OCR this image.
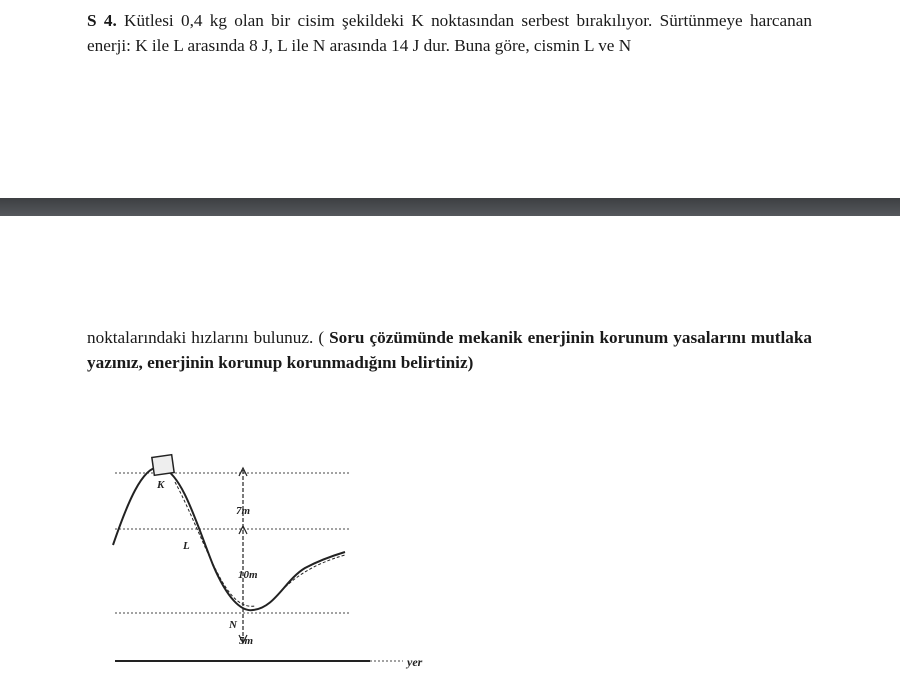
S 4. Kütlesi 0,4 kg olan bir cisim şekildeki K noktasından serbest bırakılıyor. Sürtünmeye harcanan enerji: K ile L arasında 8 J, L ile N arasında 14 J dur. Buna göre, cismin L ve N

noktalarındaki hızlarını bulunuz. ( Soru çözümünde mekanik enerjinin korunum yasalarını mutlaka yazınız, enerjinin korunup korunmadığını belirtiniz)

K
L
N
7m
10m
5m
yer
